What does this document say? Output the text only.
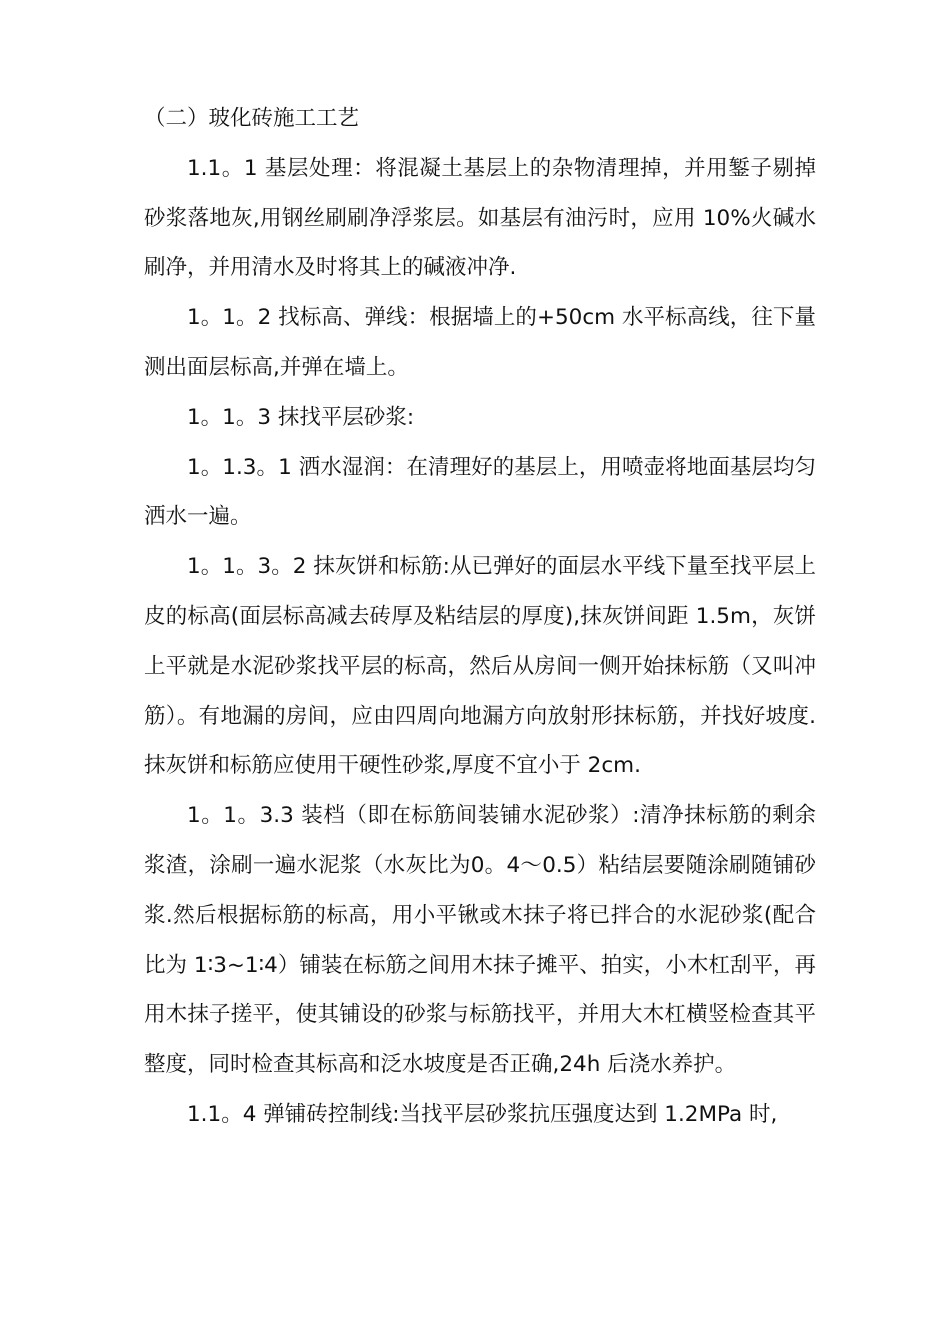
（二）玻化砖施工工艺

1.1。1 基层处理：将混凝土基层上的杂物清理掉，并用錾子剔掉砂浆落地灰,用钢丝刷刷净浮浆层。如基层有油污时，应用 10%火碱水刷净，并用清水及时将其上的碱液冲净.

1。1。2 找标高、弹线：根据墙上的+50cm 水平标高线，往下量测出面层标高,并弹在墙上。

1。1。3 抹找平层砂浆:

1。1.3。1 洒水湿润：在清理好的基层上，用喷壶将地面基层均匀洒水一遍。

1。1。3。2 抹灰饼和标筋:从已弹好的面层水平线下量至找平层上皮的标高(面层标高减去砖厚及粘结层的厚度),抹灰饼间距 1.5m，灰饼上平就是水泥砂浆找平层的标高，然后从房间一侧开始抹标筋（又叫冲筋）。有地漏的房间，应由四周向地漏方向放射形抹标筋，并找好坡度.抹灰饼和标筋应使用干硬性砂浆,厚度不宜小于 2cm.

1。1。3.3 装档（即在标筋间装铺水泥砂浆）:清净抹标筋的剩余浆渣，涂刷一遍水泥浆（水灰比为0。4～0.5）粘结层要随涂刷随铺砂浆.然后根据标筋的标高，用小平锹或木抹子将已拌合的水泥砂浆(配合比为 1∶3~1∶4）铺装在标筋之间用木抹子摊平、拍实，小木杠刮平，再用木抹子搓平，使其铺设的砂浆与标筋找平，并用大木杠横竖检查其平整度，同时检查其标高和泛水坡度是否正确,24h 后浇水养护。

1.1。4 弹铺砖控制线:当找平层砂浆抗压强度达到 1.2MPa 时,
